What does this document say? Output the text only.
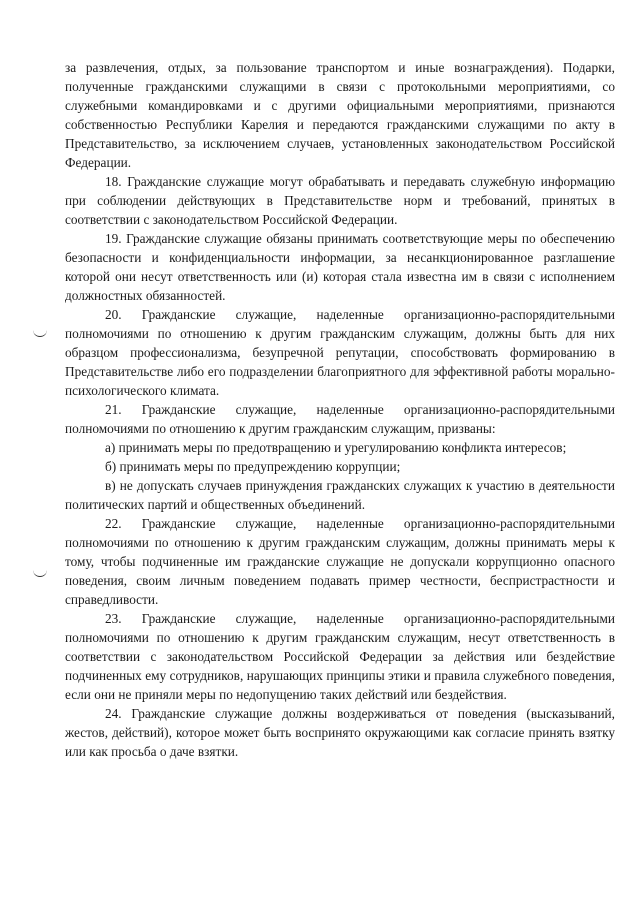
за развлечения, отдых, за пользование транспортом и иные вознаграждения). Подарки, полученные гражданскими служащими в связи с протокольными мероприятиями, со служебными командировками и с другими официальными мероприятиями, признаются собственностью Республики Карелия и передаются гражданскими служащими по акту в Представительство, за исключением случаев, установленных законодательством Российской Федерации.

18. Гражданские служащие могут обрабатывать и передавать служебную информацию при соблюдении действующих в Представительстве норм и требований, принятых в соответствии с законодательством Российской Федерации.

19. Гражданские служащие обязаны принимать соответствующие меры по обеспечению безопасности и конфиденциальности информации, за несанкционированное разглашение которой они несут ответственность или (и) которая стала известна им в связи с исполнением должностных обязанностей.

20. Гражданские служащие, наделенные организационно-распорядительными полномочиями по отношению к другим гражданским служащим, должны быть для них образцом профессионализма, безупречной репутации, способствовать формированию в Представительстве либо его подразделении благоприятного для эффективной работы морально-психологического климата.

21. Гражданские служащие, наделенные организационно-распорядительными полномочиями по отношению к другим гражданским служащим, призваны:

а) принимать меры по предотвращению и урегулированию конфликта интересов;

б) принимать меры по предупреждению коррупции;

в) не допускать случаев принуждения гражданских служащих к участию в деятельности политических партий и общественных объединений.

22. Гражданские служащие, наделенные организационно-распорядительными полномочиями по отношению к другим гражданским служащим, должны принимать меры к тому, чтобы подчиненные им гражданские служащие не допускали коррупционно опасного поведения, своим личным поведением подавать пример честности, беспристрастности и справедливости.

23. Гражданские служащие, наделенные организационно-распорядительными полномочиями по отношению к другим гражданским служащим, несут ответственность в соответствии с законодательством Российской Федерации за действия или бездействие подчиненных ему сотрудников, нарушающих принципы этики и правила служебного поведения, если они не приняли меры по недопущению таких действий или бездействия.

24. Гражданские служащие должны воздерживаться от поведения (высказываний, жестов, действий), которое может быть воспринято окружающими как согласие принять взятку или как просьба о даче взятки.
